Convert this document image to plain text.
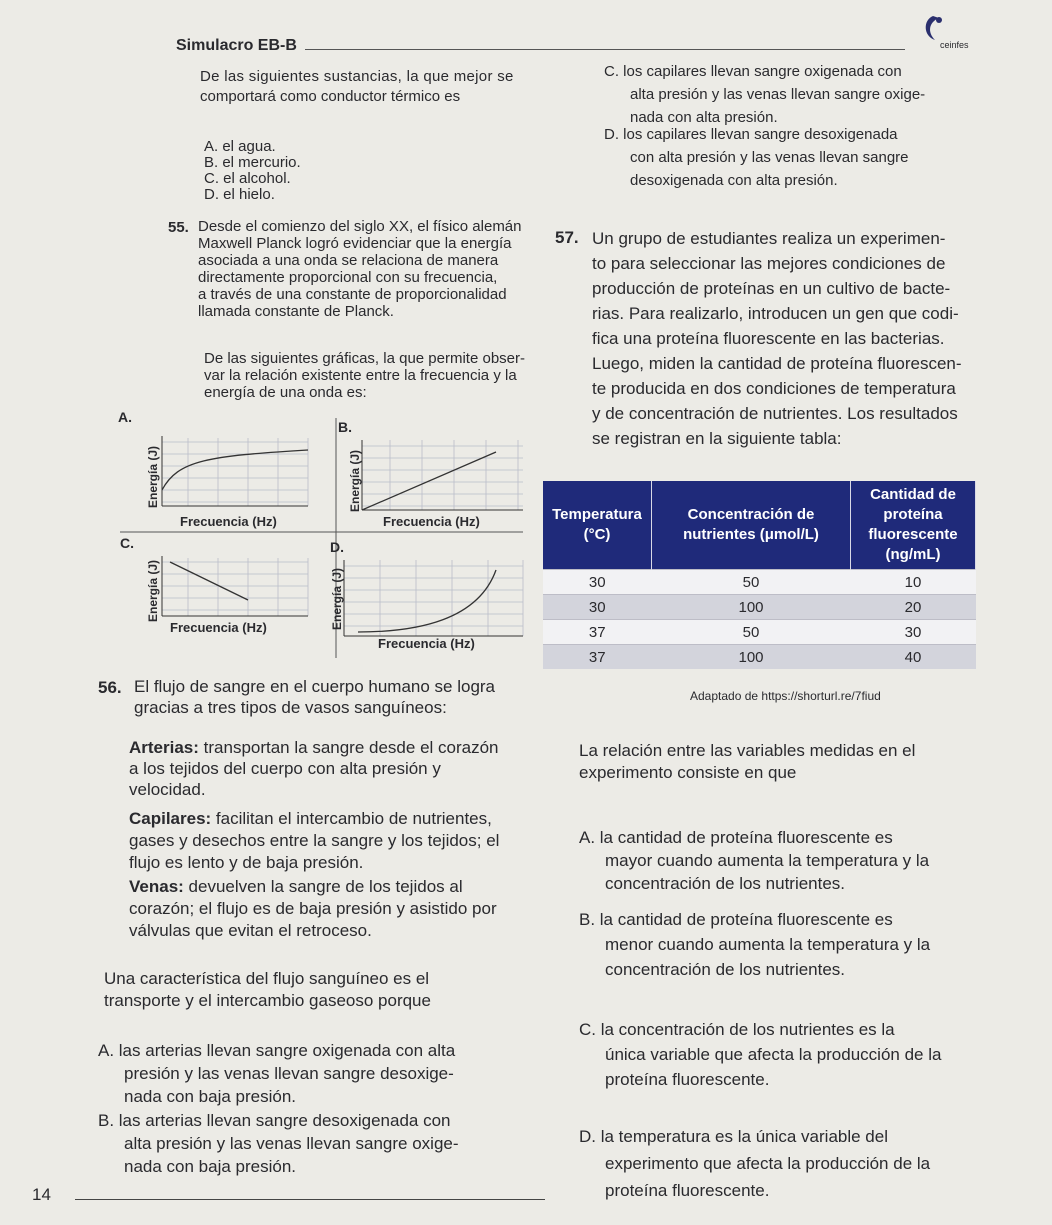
Simulacro EB-B	ceinfes
De las siguientes sustancias, la que mejor se
comportará como conductor térmico es
A. el agua.
B. el mercurio.
C. el alcohol.
D. el hielo.
C. los capilares llevan sangre oxigenada con
alta presión y las venas llevan sangre oxige-
nada con alta presión.
D. los capilares llevan sangre desoxigenada
con alta presión y las venas llevan sangre
desoxigenada con alta presión.
55. Desde el comienzo del siglo XX, el físico alemán
Maxwell Planck logró evidenciar que la energía
asociada a una onda se relaciona de manera
directamente proporcional con su frecuencia,
a través de una constante de proporcionalidad
llamada constante de Planck.
De las siguientes gráficas, la que permite obser-
var la relación existente entre la frecuencia y la
energía de una onda es:
A.
B.
C.	D.
Frecuencia (Hz)	Frecuencia (Hz)
Frecuencia (Hz)
Frecuencia (Hz)
Energía (J)	Energía (J)
Energía (J)	Energía (J)
57. Un grupo de estudiantes realiza un experimen-
to para seleccionar las mejores condiciones de
producción de proteínas en un cultivo de bacte-
rias. Para realizarlo, introducen un gen que codi-
fica una proteína fluorescente en las bacterias.
Luego, miden la cantidad de proteína fluorescen-
te producida en dos condiciones de temperatura
y de concentración de nutrientes. Los resultados
se registran en la siguiente tabla:
Temperatura (°C)	Concentración de nutrientes (μmol/L)	Cantidad de proteína fluorescente (ng/mL)
30	50	10
30	100	20
37	50	30
37	100	40
Adaptado de https://shorturl.re/7fiud
La relación entre las variables medidas en el
experimento consiste en que
A. la cantidad de proteína fluorescente es
mayor cuando aumenta la temperatura y la
concentración de los nutrientes.
B. la cantidad de proteína fluorescente es
menor cuando aumenta la temperatura y la
concentración de los nutrientes.
C. la concentración de los nutrientes es la
única variable que afecta la producción de la
proteína fluorescente.
D. la temperatura es la única variable del
experimento que afecta la producción de la
proteína fluorescente.
56. El flujo de sangre en el cuerpo humano se logra
gracias a tres tipos de vasos sanguíneos:
Arterias: transportan la sangre desde el corazón
a los tejidos del cuerpo con alta presión y
velocidad.
Capilares: facilitan el intercambio de nutrientes,
gases y desechos entre la sangre y los tejidos; el
flujo es lento y de baja presión.
Venas: devuelven la sangre de los tejidos al
corazón; el flujo es de baja presión y asistido por
válvulas que evitan el retroceso.
Una característica del flujo sanguíneo es el
transporte y el intercambio gaseoso porque
A. las arterias llevan sangre oxigenada con alta
presión y las venas llevan sangre desoxige-
nada con baja presión.
B. las arterias llevan sangre desoxigenada con
alta presión y las venas llevan sangre oxige-
nada con baja presión.
14
